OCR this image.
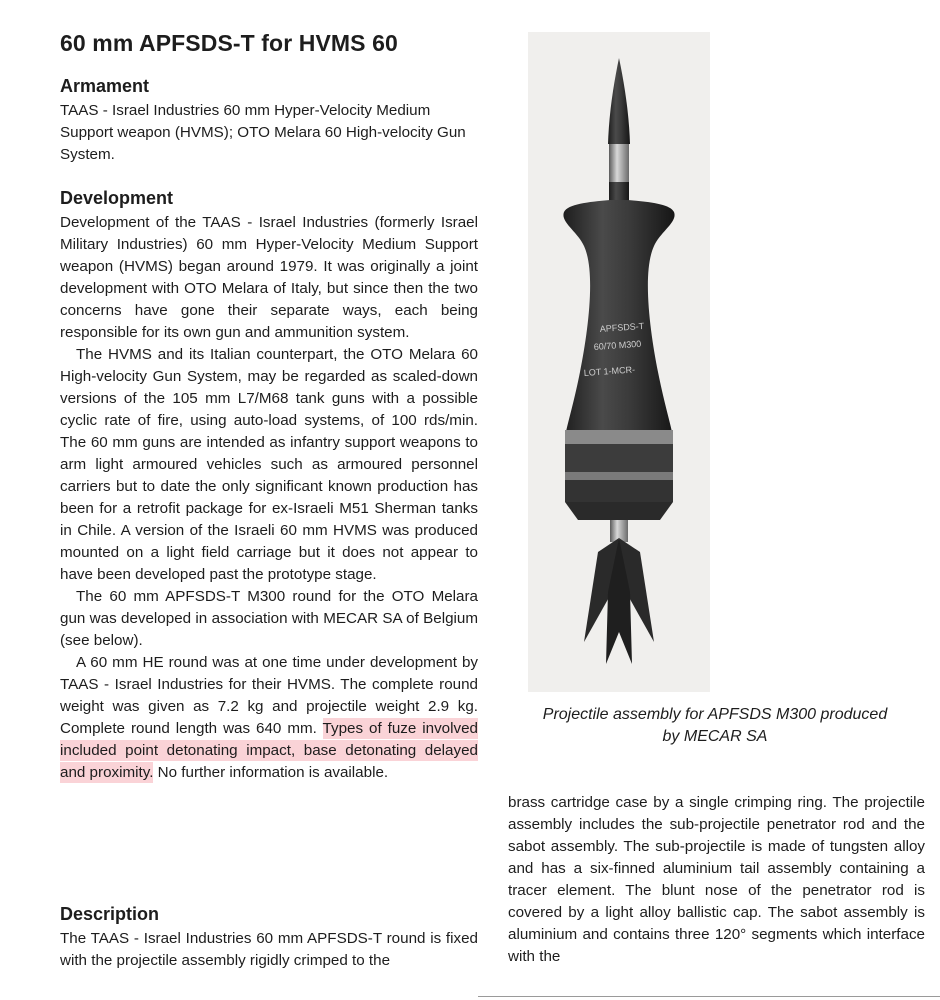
60 mm APFSDS-T for HVMS 60
Armament

TAAS - Israel Industries 60 mm Hyper-Velocity Medium Support weapon (HVMS); OTO Melara 60 High-velocity Gun System.

Development

Development of the TAAS - Israel Industries (formerly Israel Military Industries) 60 mm Hyper-Velocity Medium Support weapon (HVMS) began around 1979. It was originally a joint development with OTO Melara of Italy, but since then the two concerns have gone their separate ways, each being responsible for its own gun and ammunition system.

The HVMS and its Italian counterpart, the OTO Melara 60 High-velocity Gun System, may be regarded as scaled-down versions of the 105 mm L7/M68 tank guns with a possible cyclic rate of fire, using auto-load systems, of 100 rds/min. The 60 mm guns are intended as infantry support weapons to arm light armoured vehicles such as armoured personnel carriers but to date the only significant known production has been for a retrofit package for ex-Israeli M51 Sherman tanks in Chile. A version of the Israeli 60 mm HVMS was produced mounted on a light field carriage but it does not appear to have been developed past the prototype stage.

The 60 mm APFSDS-T M300 round for the OTO Melara gun was developed in association with MECAR SA of Belgium (see below).

A 60 mm HE round was at one time under development by TAAS - Israel Industries for their HVMS. The complete round weight was given as 7.2 kg and projectile weight 2.9 kg. Complete round length was 640 mm. Types of fuze involved included point detonating impact, base detonating delayed and proximity. No further information is available.

Description

The TAAS - Israel Industries 60 mm APFSDS-T round is fixed with the projectile assembly rigidly crimped to the

APFSDS-T
60/70 M300
LOT 1-MCR-
Projectile assembly for APFSDS M300 produced
by MECAR SA
brass cartridge case by a single crimping ring. The projectile assembly includes the sub-projectile penetrator rod and the sabot assembly. The sub-projectile is made of tungsten alloy and has a six-finned aluminium tail assembly containing a tracer element. The blunt nose of the penetrator rod is covered by a light alloy ballistic cap. The sabot assembly is aluminium and contains three 120° segments which interface with the
